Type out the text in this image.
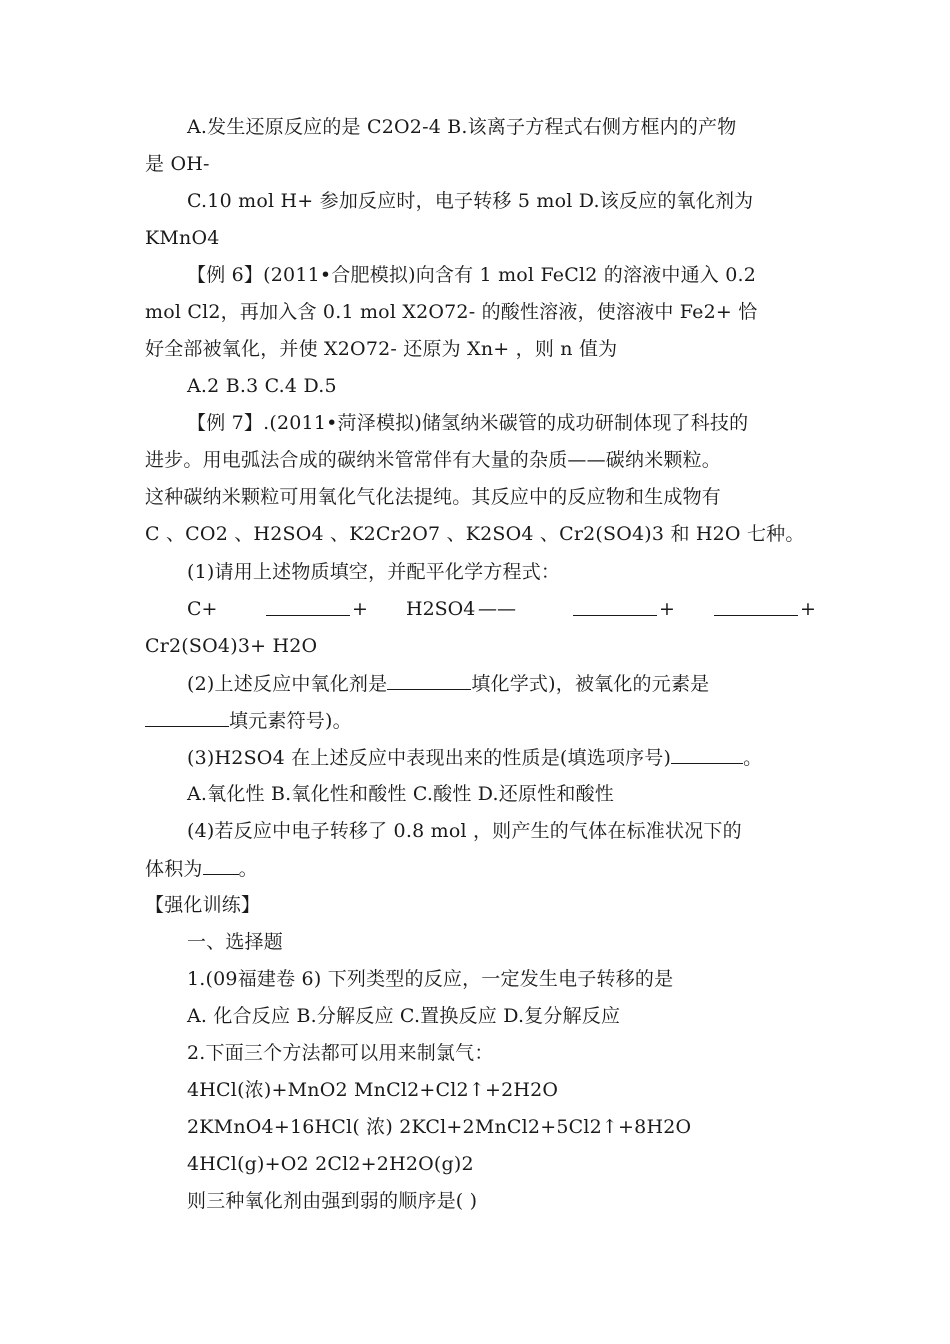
A.发生还原反应的是 C2O2-4 B.该离子方程式右侧方框内的产物
是 OH-
C.10 mol H+ 参加反应时，电子转移 5 mol D.该反应的氧化剂为
KMnO4
【例 6】(2011•合肥模拟)向含有 1 mol FeCl2 的溶液中通入 0.2
mol Cl2，再加入含 0.1 mol X2O72- 的酸性溶液，使溶液中 Fe2+ 恰
好全部被氧化，并使 X2O72- 还原为 Xn+ ，则 n 值为
A.2 B.3 C.4 D.5
【例 7】.(2011•菏泽模拟)储氢纳米碳管的成功研制体现了科技的
进步。用电弧法合成的碳纳米管常伴有大量的杂质——碳纳米颗粒。
这种碳纳米颗粒可用氧化气化法提纯。其反应中的反应物和生成物有
C 、CO2 、H2SO4 、K2Cr2O7 、K2SO4 、Cr2(SO4)3 和 H2O 七种。
(1)请用上述物质填空，并配平化学方程式：
C+	+ H2SO4 ——	+	+
Cr2(SO4)3+ H2O
(2)上述反应中氧化剂是	填化学式)，被氧化的元素是
填元素符号)。
(3)H2SO4 在上述反应中表现出来的性质是(填选项序号)	。
A.氧化性 B.氧化性和酸性 C.酸性 D.还原性和酸性
(4)若反应中电子转移了 0.8 mol ，则产生的气体在标准状况下的
体积为 。
【强化训练】
一、选择题
1.(09福建卷 6) 下列类型的反应，一定发生电子转移的是
A. 化合反应 B.分解反应 C.置换反应 D.复分解反应
2.下面三个方法都可以用来制氯气：
4HCl(浓)+MnO2 MnCl2+Cl2↑+2H2O
2KMnO4+16HCl( 浓) 2KCl+2MnCl2+5Cl2↑+8H2O
4HCl(g)+O2 2Cl2+2H2O(g)2
则三种氧化剂由强到弱的顺序是( )
